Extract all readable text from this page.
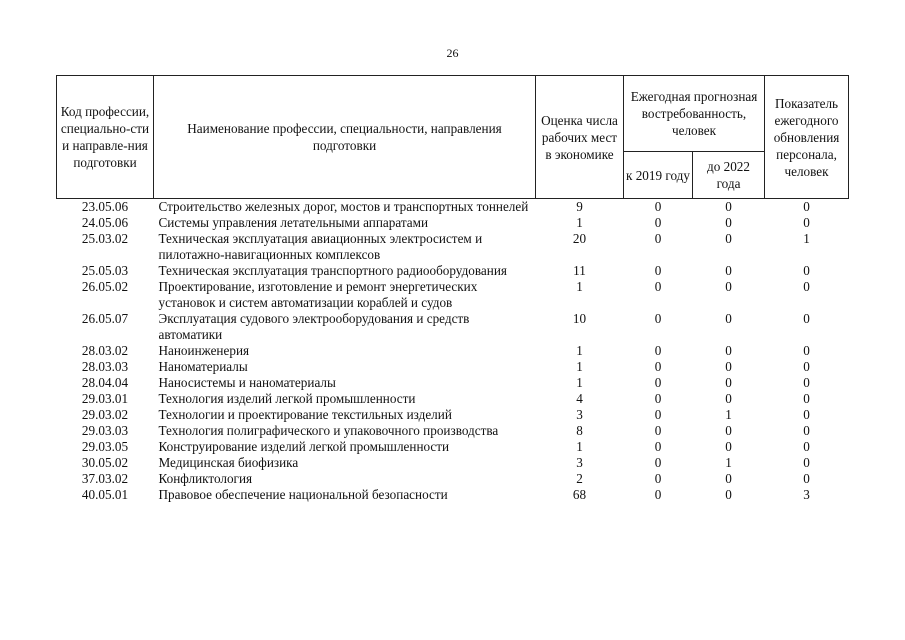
26
Код профессии, специально-сти и направле-ния подготовки	Наименование профессии, специальности, направления подготовки	Оценка числа рабочих мест в экономике	Ежегодная прогнозная востребованность, человек		Показатель ежегодного обновления персонала, человек
			к 2019 году	до 2022 года	
23.05.06	Строительство железных дорог, мостов и транспортных тоннелей	9	0	0	0
24.05.06	Системы управления летательными аппаратами	1	0	0	0
25.03.02	Техническая эксплуатация авиационных электросистем и пилотажно-навигационных комплексов	20	0	0	1
25.05.03	Техническая эксплуатация транспортного радиооборудования	11	0	0	0
26.05.02	Проектирование, изготовление и ремонт энергетических установок и систем автоматизации кораблей и судов	1	0	0	0
26.05.07	Эксплуатация судового электрооборудования и средств автоматики	10	0	0	0
28.03.02	Наноинженерия	1	0	0	0
28.03.03	Наноматериалы	1	0	0	0
28.04.04	Наносистемы и наноматериалы	1	0	0	0
29.03.01	Технология изделий легкой промышленности	4	0	0	0
29.03.02	Технологии и проектирование текстильных изделий	3	0	1	0
29.03.03	Технология полиграфического и упаковочного производства	8	0	0	0
29.03.05	Конструирование изделий легкой промышленности	1	0	0	0
30.05.02	Медицинская биофизика	3	0	1	0
37.03.02	Конфликтология	2	0	0	0
40.05.01	Правовое обеспечение национальной безопасности	68	0	0	3
